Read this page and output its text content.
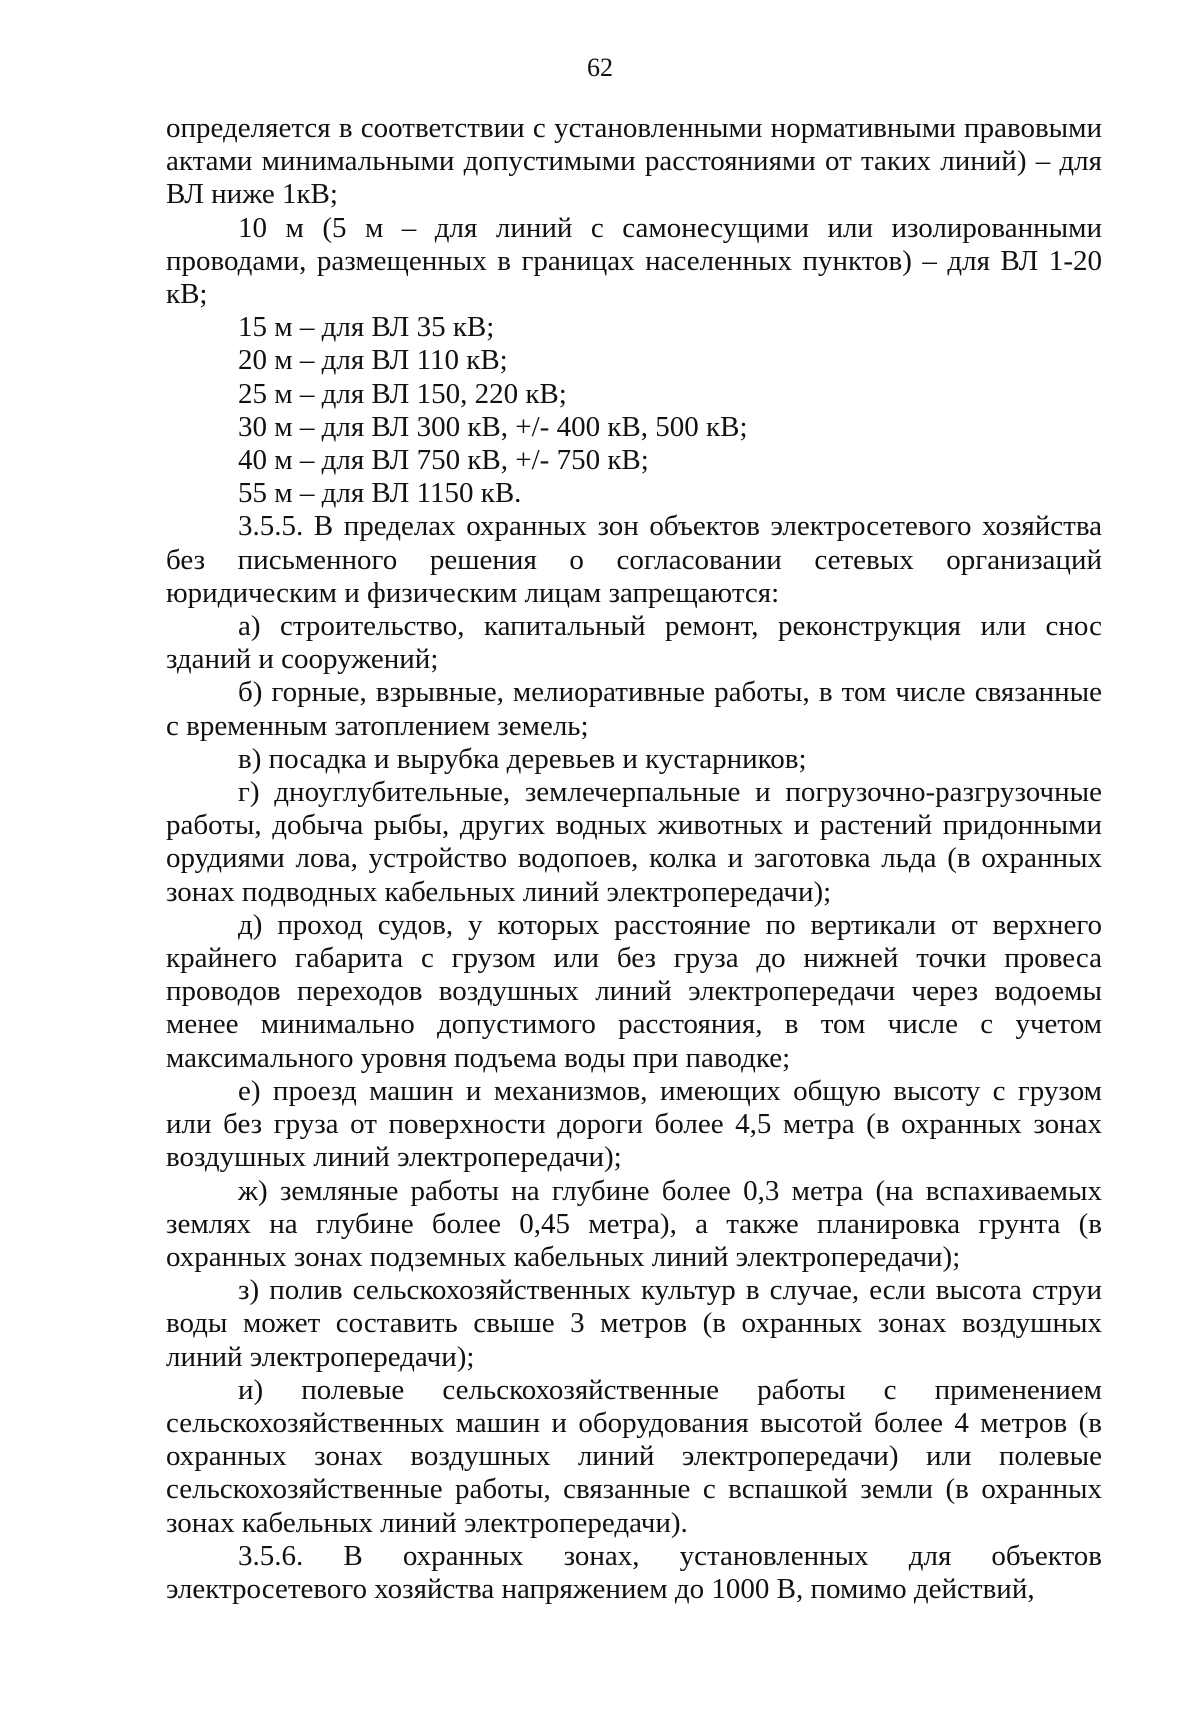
62

определяется в соответствии с установленными нормативными правовыми актами минимальными допустимыми расстояниями от таких линий) – для ВЛ ниже 1кВ;

10 м (5 м – для линий с самонесущими или изолированными проводами, размещенных в границах населенных пунктов) – для ВЛ 1-20 кВ;

15 м – для ВЛ 35 кВ;

20 м – для ВЛ 110 кВ;

25 м – для ВЛ 150, 220 кВ;

30 м – для ВЛ 300 кВ, +/- 400 кВ, 500 кВ;

40 м – для ВЛ 750 кВ, +/- 750 кВ;

55 м – для ВЛ 1150 кВ.

3.5.5. В пределах охранных зон объектов электросетевого хозяйства без письменного решения о согласовании сетевых организаций юридическим и физическим лицам запрещаются:

а) строительство, капитальный ремонт, реконструкция или снос зданий и сооружений;

б) горные, взрывные, мелиоративные работы, в том числе связанные с временным затоплением земель;

в) посадка и вырубка деревьев и кустарников;

г) дноуглубительные, землечерпальные и погрузочно-разгрузочные работы, добыча рыбы, других водных животных и растений придонными орудиями лова, устройство водопоев, колка и заготовка льда (в охранных зонах подводных кабельных линий электропередачи);

д) проход судов, у которых расстояние по вертикали от верхнего крайнего габарита с грузом или без груза до нижней точки провеса проводов переходов воздушных линий электропередачи через водоемы менее минимально допустимого расстояния, в том числе с учетом максимального уровня подъема воды при паводке;

е) проезд машин и механизмов, имеющих общую высоту с грузом или без груза от поверхности дороги более 4,5 метра (в охранных зонах воздушных линий электропередачи);

ж) земляные работы на глубине более 0,3 метра (на вспахиваемых землях на глубине более 0,45 метра), а также планировка грунта (в охранных зонах подземных кабельных линий электропередачи);

з) полив сельскохозяйственных культур в случае, если высота струи воды может составить свыше 3 метров (в охранных зонах воздушных линий электропередачи);

и) полевые сельскохозяйственные работы с применением сельскохозяйственных машин и оборудования высотой более 4 метров (в охранных зонах воздушных линий электропередачи) или полевые сельскохозяйственные работы, связанные с вспашкой земли (в охранных зонах кабельных линий электропередачи).

3.5.6. В охранных зонах, установленных для объектов электросетевого хозяйства напряжением до 1000 В, помимо действий,
